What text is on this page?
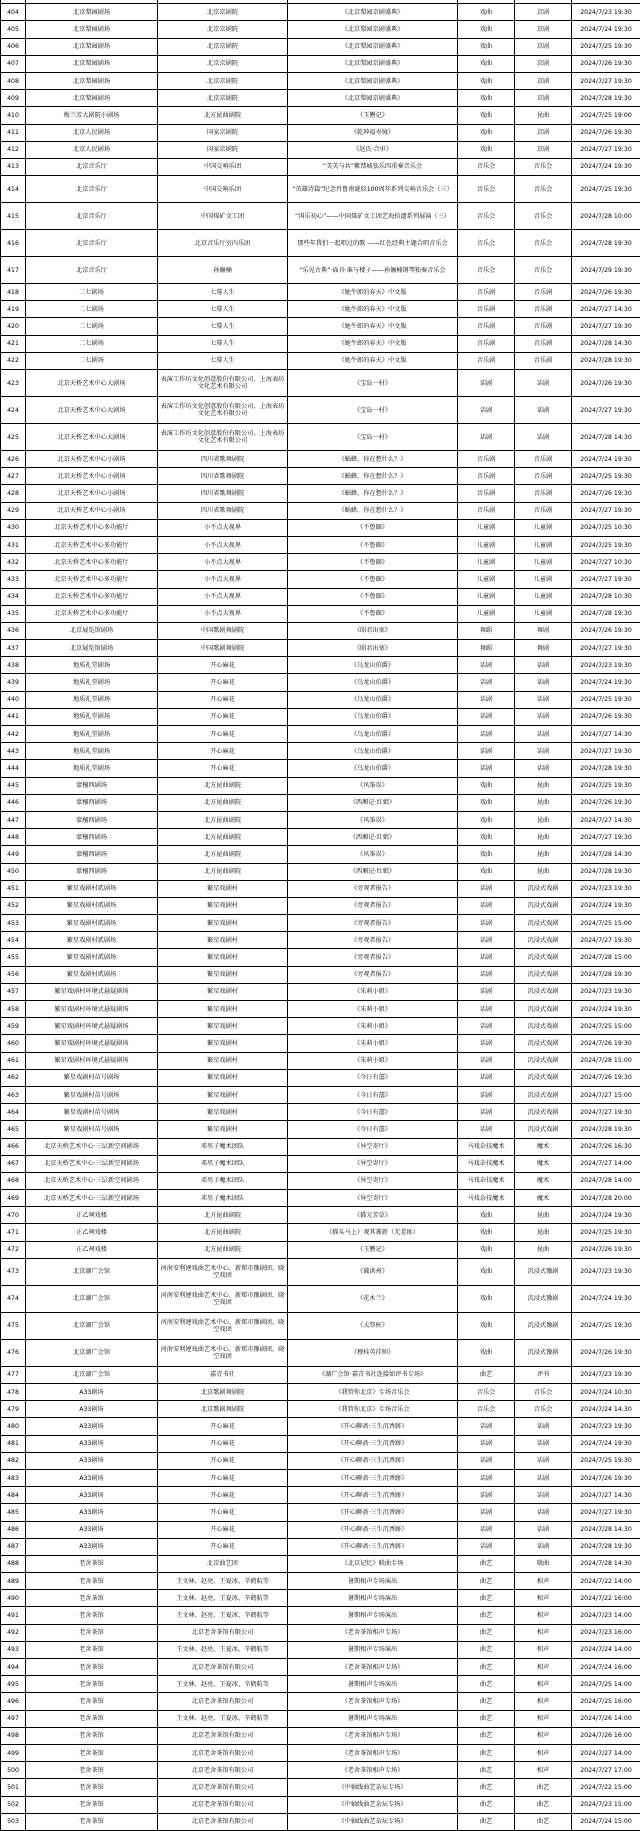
404	北京梨园剧场	北京京剧院	《北京梨园京剧盛典》	戏曲	京剧	2024/7/23 19:30
405	北京梨园剧场	北京京剧院	《北京梨园京剧盛典》	戏曲	京剧	2024/7/24 19:30
406	北京梨园剧场	北京京剧院	《北京梨园京剧盛典》	戏曲	京剧	2024/7/25 19:30
407	北京梨园剧场	北京京剧院	《北京梨园京剧盛典》	戏曲	京剧	2024/7/26 19:30
408	北京梨园剧场	北京京剧院	《北京梨园京剧盛典》	戏曲	京剧	2024/7/27 19:30
409	北京梨园剧场	北京京剧院	《北京梨园京剧盛典》	戏曲	京剧	2024/7/28 19:30
410	梅兰芳大剧院小剧场	北方昆曲剧院	《玉簪记》	戏曲	昆曲	2024/7/25 19:00
411	北京人民剧场	国家京剧院	《乾坤福寿镜》	戏曲	京剧	2024/7/26 19:30
412	北京人民剧场	国家京剧院	《赵氏·合审》	戏曲	京剧	2024/7/27 19:30
413	北京音乐厅	中国交响乐团	“美美与共”紫禁城弦乐四重奏音乐会	音乐会	音乐会	2024/7/24 19:30
414	北京音乐厅	中国交响乐团	“英雄诗篇”纪念肖鲁南诞辰100周年系列交响音乐会（三）	音乐会	音乐会	2024/7/25 19:30
415	北京音乐厅	中国煤矿文工团	“国乐初心”——中国煤矿文工团艺海拾遗系列展演（三）	音乐会	音乐会	2024/7/28 10:00
416	北京音乐厅	北京音乐厅室内乐团	那些年我们一起唱过的歌 ——红色经典主题合唱音乐会	音乐会	音乐会	2024/7/28 19:30
417	北京音乐厅	孙俪楠	“乐见古典”·面具·谁与楼子——孙俪楠钢琴独奏音乐会	音乐会	音乐会	2024/7/29 19:30
418	二七剧场	七幕人生	《她牛郎的春天》中文版	音乐剧	音乐剧	2024/7/26 19:30
419	二七剧场	七幕人生	《她牛郎的春天》中文版	音乐剧	音乐剧	2024/7/27 14:30
420	二七剧场	七幕人生	《她牛郎的春天》中文版	音乐剧	音乐剧	2024/7/27 19:30
421	二七剧场	七幕人生	《她牛郎的春天》中文版	音乐剧	音乐剧	2024/7/28 14:30
422	二七剧场	七幕人生	《她牛郎的春天》中文版	音乐剧	音乐剧	2024/7/28 19:30
423	北京天桥艺术中心大剧场	表演工作坊文化创意股份有限公司、上海表坊文化艺术有限公司	《宝岛一村》	话剧	话剧	2024/7/26 19:30
424	北京天桥艺术中心大剧场	表演工作坊文化创意股份有限公司、上海表坊文化艺术有限公司	《宝岛一村》	话剧	话剧	2024/7/27 19:30
425	北京天桥艺术中心大剧场	表演工作坊文化创意股份有限公司、上海表坊文化艺术有限公司	《宝岛一村》	话剧	话剧	2024/7/28 14:30
426	北京天桥艺术中心小剧场	四川省歌舞剧院	《蜗蜂，你在想什么？》	音乐剧	音乐剧	2024/7/24 19:30
427	北京天桥艺术中心小剧场	四川省歌舞剧院	《蜗蜂，你在想什么？》	音乐剧	音乐剧	2024/7/25 19:30
428	北京天桥艺术中心小剧场	四川省歌舞剧院	《蜗蜂，你在想什么？》	音乐剧	音乐剧	2024/7/26 19:30
429	北京天桥艺术中心小剧场	四川省歌舞剧院	《蜗蜂，你在想什么？》	音乐剧	音乐剧	2024/7/27 19:30
430	北京天桥艺术中心多功能厅	小不点大视界	《不鲁圈》	儿童剧	儿童剧	2024/7/25 10:30
431	北京天桥艺术中心多功能厅	小不点大视界	《不鲁圈》	儿童剧	儿童剧	2024/7/25 19:30
432	北京天桥艺术中心多功能厅	小不点大视界	《不鲁圈》	儿童剧	儿童剧	2024/7/27 10:30
433	北京天桥艺术中心多功能厅	小不点大视界	《不鲁圈》	儿童剧	儿童剧	2024/7/27 19:30
434	北京天桥艺术中心多功能厅	小不点大视界	《不鲁圈》	儿童剧	儿童剧	2024/7/28 10:30
435	北京天桥艺术中心多功能厅	小不点大视界	《不鲁圈》	儿童剧	儿童剧	2024/7/28 19:30
436	北京展览馆剧场	中国歌剧舞剧院	《昭君出塞》	舞蹈	舞剧	2024/7/26 19:30
437	北京展览馆剧场	中国歌剧舞剧院	《昭君出塞》	舞蹈	舞剧	2024/7/27 19:30
438	地质礼堂剧场	开心麻花	《乌龙山伯爵》	话剧	话剧	2024/7/23 19:30
439	地质礼堂剧场	开心麻花	《乌龙山伯爵》	话剧	话剧	2024/7/24 19:30
440	地质礼堂剧场	开心麻花	《乌龙山伯爵》	话剧	话剧	2024/7/25 19:30
441	地质礼堂剧场	开心麻花	《乌龙山伯爵》	话剧	话剧	2024/7/26 19:30
442	地质礼堂剧场	开心麻花	《乌龙山伯爵》	话剧	话剧	2024/7/27 14:30
443	地质礼堂剧场	开心麻花	《乌龙山伯爵》	话剧	话剧	2024/7/27 19:30
444	地质礼堂剧场	开心麻花	《乌龙山伯爵》	话剧	话剧	2024/7/28 19:30
445	蒙檀西剧场	北方昆曲剧院	《风筝误》	戏曲	昆曲	2024/7/25 19:30
446	蒙檀西剧场	北方昆曲剧院	《西厢记·红娘》	戏曲	昆曲	2024/7/26 19:30
447	蒙檀西剧场	北方昆曲剧院	《风筝误》	戏曲	昆曲	2024/7/27 14:30
448	蒙檀西剧场	北方昆曲剧院	《西厢记·红娘》	戏曲	昆曲	2024/7/27 19:30
449	蒙檀西剧场	北方昆曲剧院	《风筝误》	戏曲	昆曲	2024/7/28 14:30
450	蒙檀西剧场	北方昆曲剧院	《西厢记·红娘》	戏曲	昆曲	2024/7/28 19:30
451	繁星戏剧村贰剧场	繁星戏剧村	《旁观者报告》	话剧	沉浸式戏剧	2024/7/23 19:30
452	繁星戏剧村贰剧场	繁星戏剧村	《旁观者报告》	话剧	沉浸式戏剧	2024/7/24 19:30
453	繁星戏剧村贰剧场	繁星戏剧村	《旁观者报告》	话剧	沉浸式戏剧	2024/7/25 15:00
454	繁星戏剧村贰剧场	繁星戏剧村	《旁观者报告》	话剧	沉浸式戏剧	2024/7/27 19:30
455	繁星戏剧村贰剧场	繁星戏剧村	《旁观者报告》	话剧	沉浸式戏剧	2024/7/28 15:00
456	繁星戏剧村贰剧场	繁星戏剧村	《旁观者报告》	话剧	沉浸式戏剧	2024/7/28 19:30
457	繁星戏剧村环境式悬疑剧场	繁星戏剧村	《朱莉小姐》	话剧	沉浸式戏剧	2024/7/23 19:30
458	繁星戏剧村环境式悬疑剧场	繁星戏剧村	《朱莉小姐》	话剧	沉浸式戏剧	2024/7/24 19:30
459	繁星戏剧村环境式悬疑剧场	繁星戏剧村	《朱莉小姐》	话剧	沉浸式戏剧	2024/7/25 15:00
460	繁星戏剧村环境式悬疑剧场	繁星戏剧村	《朱莉小姐》	话剧	沉浸式戏剧	2024/7/26 19:30
461	繁星戏剧村环境式悬疑剧场	繁星戏剧村	《朱莉小姐》	话剧	沉浸式戏剧	2024/7/28 15:00
462	繁星戏剧村苗号剧场	繁星戏剧村	《今日有囍》	话剧	沉浸式戏剧	2024/7/26 19:30
463	繁星戏剧村苗号剧场	繁星戏剧村	《今日有囍》	话剧	沉浸式戏剧	2024/7/27 15:00
464	繁星戏剧村苗号剧场	繁星戏剧村	《今日有囍》	话剧	沉浸式戏剧	2024/7/27 19:30
465	繁星戏剧村苗号剧场	繁星戏剧村	《今日有囍》	话剧	沉浸式戏剧	2024/7/28 19:30
466	北京天桥艺术中心·三层新空间剧场	邓男子魔术团队	《异空寄厅》	马戏杂技魔术	魔术	2024/7/26 16:30
467	北京天桥艺术中心·三层新空间剧场	邓男子魔术团队	《异空寄厅》	马戏杂技魔术	魔术	2024/7/27 14:00
468	北京天桥艺术中心·三层新空间剧场	邓男子魔术团队	《异空寄厅》	马戏杂技魔术	魔术	2024/7/28 14:00
469	北京天桥艺术中心·三层新空间剧场	邓男子魔术团队	《异空寄厅》	马戏杂技魔术	魔术	2024/7/28 20:00
470	正乙祠戏楼	北方昆曲剧院	《描元芳草》	戏曲	昆曲	2024/7/24 19:30
471	正乙祠戏楼	北方昆曲剧院	《描头马上》观其蓋新（无差练）	戏曲	昆曲	2024/7/25 19:30
472	正乙祠戏楼	北方昆曲剧院	《玉簪记》	戏曲	昆曲	2024/7/26 19:30
473	北京湖广会馆	河南安利建戏曲艺术中心、新郑市豫剧团、晓空戏团	《破洪州》	戏曲	沉浸式豫剧	2024/7/23 19:30
474	北京湖广会馆	河南安利建戏曲艺术中心、新郑市豫剧团、晓空戏团	《花木兰》	戏曲	沉浸式豫剧	2024/7/24 19:30
475	北京湖广会馆	河南安利建戏曲艺术中心、新郑市豫剧团、晓空戏团	《大祭桩》	戏曲	沉浸式豫剧	2024/7/25 19:30
476	北京湖广会馆	河南安利建戏曲艺术中心、新郑市豫剧团、晓空戏团	《穆桂英挂帅》	戏曲	沉浸式豫剧	2024/7/26 19:30
477	北京湖广会馆	嘉青书社	《湖广会馆·嘉青书社连接如评书专场》	曲艺	评书	2024/7/23 19:30
478	A33剧场	北京歌剧舞剧院	《我管你北京》专场音乐会	音乐会	音乐会	2024/7/24 10:30
479	A33剧场	北京歌剧舞剧院	《我管你北京》专场音乐会	音乐会	音乐会	2024/7/24 14:30
480	A33剧场	开心麻花	《开心聊斋·三生沉香跡》	话剧	话剧	2024/7/23 19:30
481	A33剧场	开心麻花	《开心聊斋·三生沉香跡》	话剧	话剧	2024/7/24 19:30
482	A33剧场	开心麻花	《开心聊斋·三生沉香跡》	话剧	话剧	2024/7/25 19:30
483	A33剧场	开心麻花	《开心聊斋·三生沉香跡》	话剧	话剧	2024/7/26 19:30
484	A33剧场	开心麻花	《开心聊斋·三生沉香跡》	话剧	话剧	2024/7/27 14:30
485	A33剧场	开心麻花	《开心聊斋·三生沉香跡》	话剧	话剧	2024/7/27 19:30
486	A33剧场	开心麻花	《开心聊斋·三生沉香跡》	话剧	话剧	2024/7/28 14:30
487	A33剧场	开心麻花	《开心聊斋·三生沉香跡》	话剧	话剧	2024/7/28 19:30
488	老舍茶馆	北京曲艺团	《北京记忆》联曲专场	曲艺	联曲	2024/7/28 14:30
489	老舍茶馆	王文林、赵亮、王夏冰、辛鹤航等	暑期相声专场演出	曲艺	相声	2024/7/22 14:00
490	老舍茶馆	王文林、赵亮、王夏冰、辛鹤航等	暑期相声专场演出	曲艺	相声	2024/7/22 16:00
491	老舍茶馆	王文林、赵亮、王夏冰、辛鹤航等	暑期相声专场演出	曲艺	相声	2024/7/23 14:00
492	老舍茶馆	北京老舍茶馆有限公司	《老舍茶馆相声专场》	曲艺	相声	2024/7/23 16:00
493	老舍茶馆	王文林、赵亮、王夏冰、辛鹤航等	暑期相声专场演出	曲艺	相声	2024/7/24 14:00
494	老舍茶馆	北京老舍茶馆有限公司	《老舍茶馆相声专场》	曲艺	相声	2024/7/24 16:00
495	老舍茶馆	王文林、赵亮、王夏冰、辛鹤航等	暑期相声专场演出	曲艺	相声	2024/7/25 14:00
496	老舍茶馆	北京老舍茶馆有限公司	《老舍茶馆相声专场》	曲艺	相声	2024/7/25 16:00
497	老舍茶馆	王文林、赵亮、王夏冰、辛鹤航等	暑期相声专场演出	曲艺	相声	2024/7/26 14:00
498	老舍茶馆	北京老舍茶馆有限公司	《老舍茶馆相声专场》	曲艺	相声	2024/7/26 16:00
499	老舍茶馆	北京老舍茶馆有限公司	《老舍茶馆相声专场》	曲艺	相声	2024/7/27 14:00
500	老舍茶馆	北京老舍茶馆有限公司	《老舍茶馆相声专场》	曲艺	相声	2024/7/27 17:00
501	老舍茶馆	北京老舍茶馆有限公司	《中轴线曲艺杂坛专场》	曲艺	曲艺	2024/7/22 15:00
502	老舍茶馆	北京老舍茶馆有限公司	《中轴线曲艺杂坛专场》	曲艺	曲艺	2024/7/23 15:00
503	老舍茶馆	北京老舍茶馆有限公司	《中轴线曲艺杂坛专场》	曲艺	曲艺	2024/7/24 15:00
